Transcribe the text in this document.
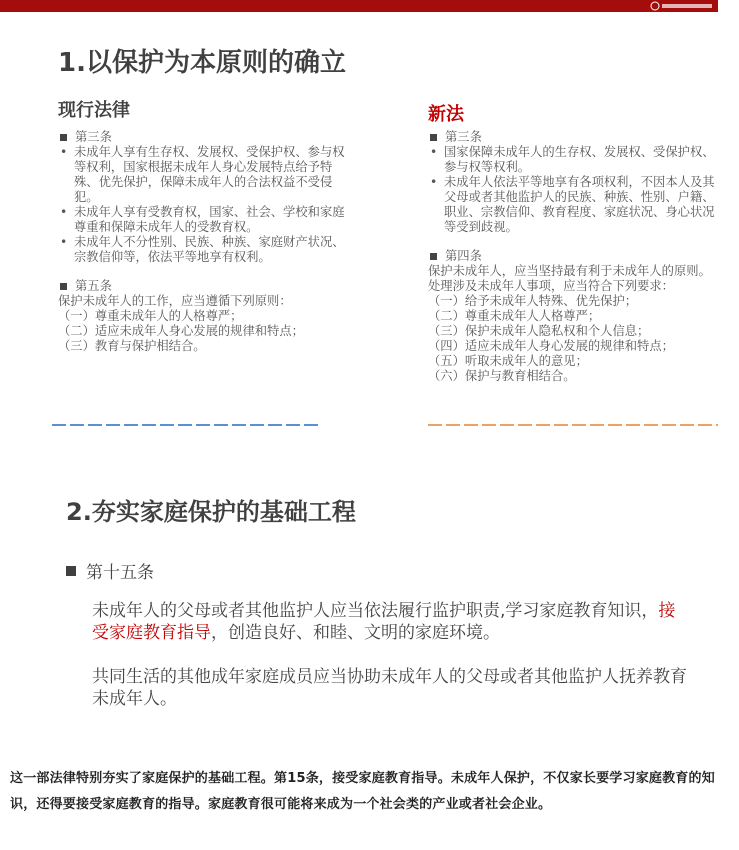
1.以保护为本原则的确立
现行法律
第三条
• 未成年人享有生存权、发展权、受保护权、参与权等权利，国家根据未成年人身心发展特点给予特殊、优先保护，保障未成年人的合法权益不受侵犯。
• 未成年人享有受教育权，国家、社会、学校和家庭尊重和保障未成年人的受教育权。
• 未成年人不分性别、民族、种族、家庭财产状况、宗教信仰等，依法平等地享有权利。
第五条
保护未成年人的工作，应当遵循下列原则：
（一）尊重未成年人的人格尊严；
（二）适应未成年人身心发展的规律和特点；
（三）教育与保护相结合。
新法
第三条
• 国家保障未成年人的生存权、发展权、受保护权、参与权等权利。
• 未成年人依法平等地享有各项权利，不因本人及其父母或者其他监护人的民族、种族、性别、户籍、职业、宗教信仰、教育程度、家庭状况、身心状况等受到歧视。
第四条
保护未成年人，应当坚持最有利于未成年人的原则。处理涉及未成年人事项，应当符合下列要求：
（一）给予未成年人特殊、优先保护；
（二）尊重未成年人人格尊严；
（三）保护未成年人隐私权和个人信息；
（四）适应未成年人身心发展的规律和特点；
（五）听取未成年人的意见；
（六）保护与教育相结合。
2.夯实家庭保护的基础工程
第十五条
未成年人的父母或者其他监护人应当依法履行监护职责,学习家庭教育知识，接受家庭教育指导，创造良好、和睦、文明的家庭环境。
共同生活的其他成年家庭成员应当协助未成年人的父母或者其他监护人抚养教育未成年人。
这一部法律特别夯实了家庭保护的基础工程。第15条，接受家庭教育指导。未成年人保护，不仅家长要学习家庭教育的知识，还得要接受家庭教育的指导。家庭教育很可能将来成为一个社会类的产业或者社会企业。
